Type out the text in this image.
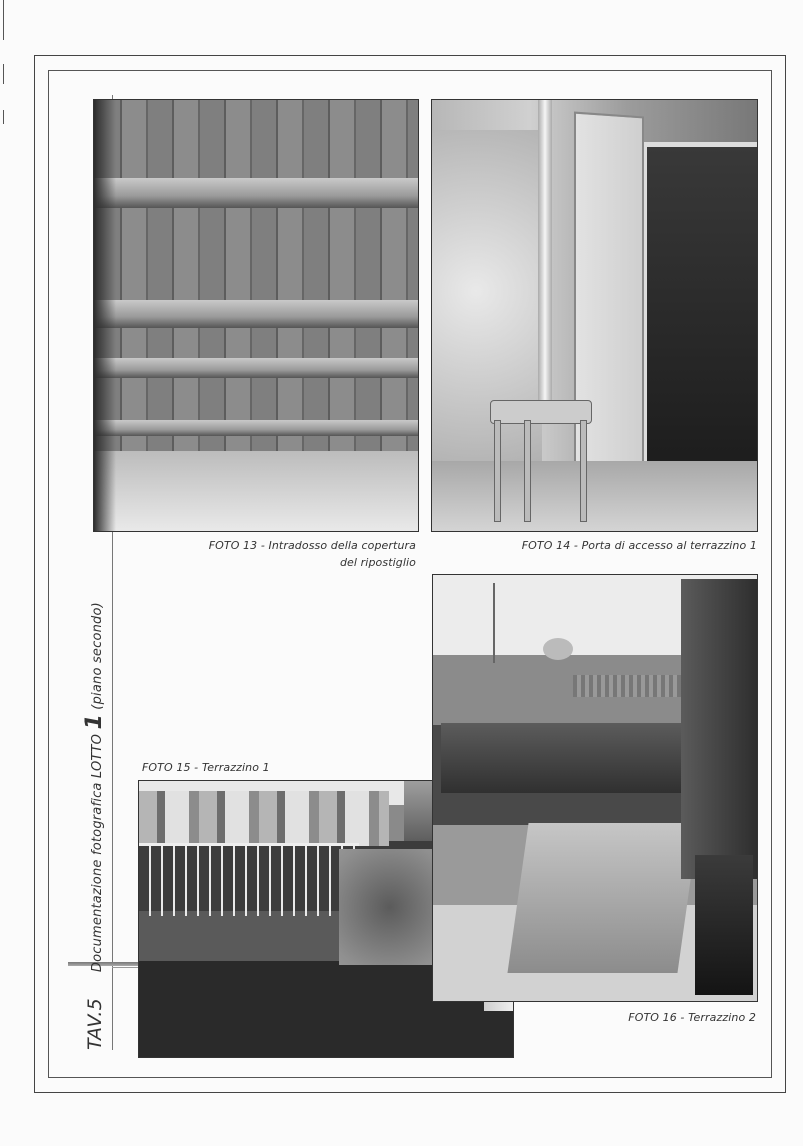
TAV.5Documentazione fotografica LOTTO 1 (piano secondo)
FOTO 13 - Intradosso della copertura
del ripostiglio
FOTO 14 - Porta di accesso al terrazzino 1
FOTO 15 - Terrazzino 1
FOTO 16 - Terrazzino 2
